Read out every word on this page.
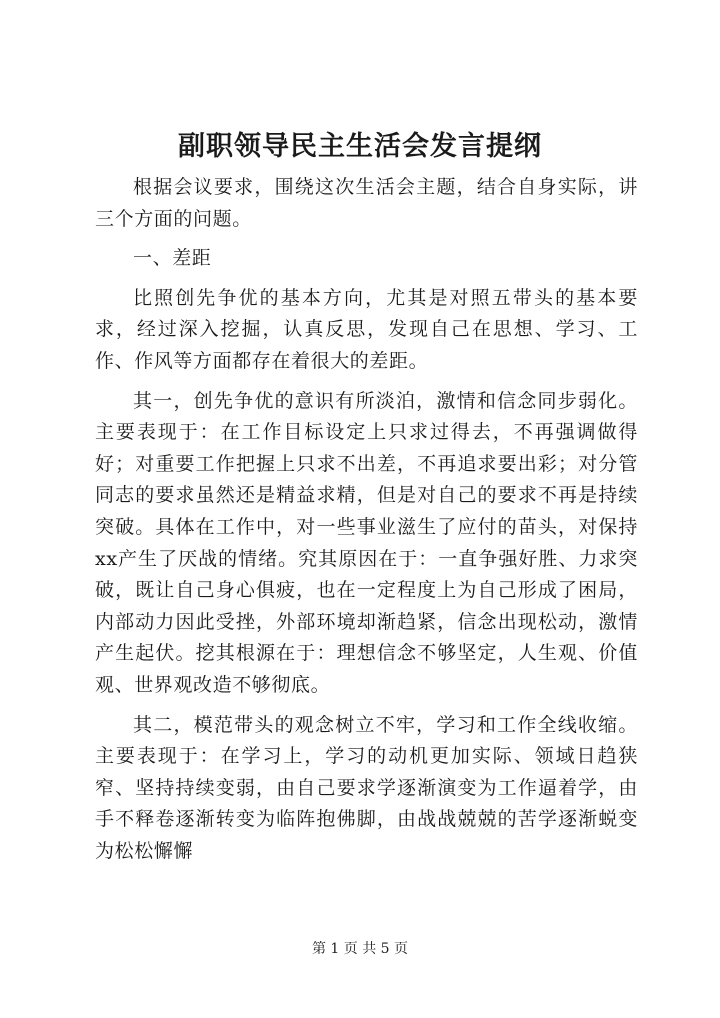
副职领导民主生活会发言提纲

根据会议要求，围绕这次生活会主题，结合自身实际，讲三个方面的问题。

一、差距

比照创先争优的基本方向，尤其是对照五带头的基本要求，经过深入挖掘，认真反思，发现自己在思想、学习、工作、作风等方面都存在着很大的差距。

其一，创先争优的意识有所淡泊，激情和信念同步弱化。主要表现于：在工作目标设定上只求过得去，不再强调做得好；对重要工作把握上只求不出差，不再追求要出彩；对分管同志的要求虽然还是精益求精，但是对自己的要求不再是持续突破。具体在工作中，对一些事业滋生了应付的苗头，对保持xx产生了厌战的情绪。究其原因在于：一直争强好胜、力求突破，既让自己身心俱疲，也在一定程度上为自己形成了困局，内部动力因此受挫，外部环境却渐趋紧，信念出现松动，激情产生起伏。挖其根源在于：理想信念不够坚定，人生观、价值观、世界观改造不够彻底。

其二，模范带头的观念树立不牢，学习和工作全线收缩。主要表现于：在学习上，学习的动机更加实际、领域日趋狭窄、坚持持续变弱，由自己要求学逐渐演变为工作逼着学，由手不释卷逐渐转变为临阵抱佛脚，由战战兢兢的苦学逐渐蜕变为松松懈懈

第 1 页 共 5 页
